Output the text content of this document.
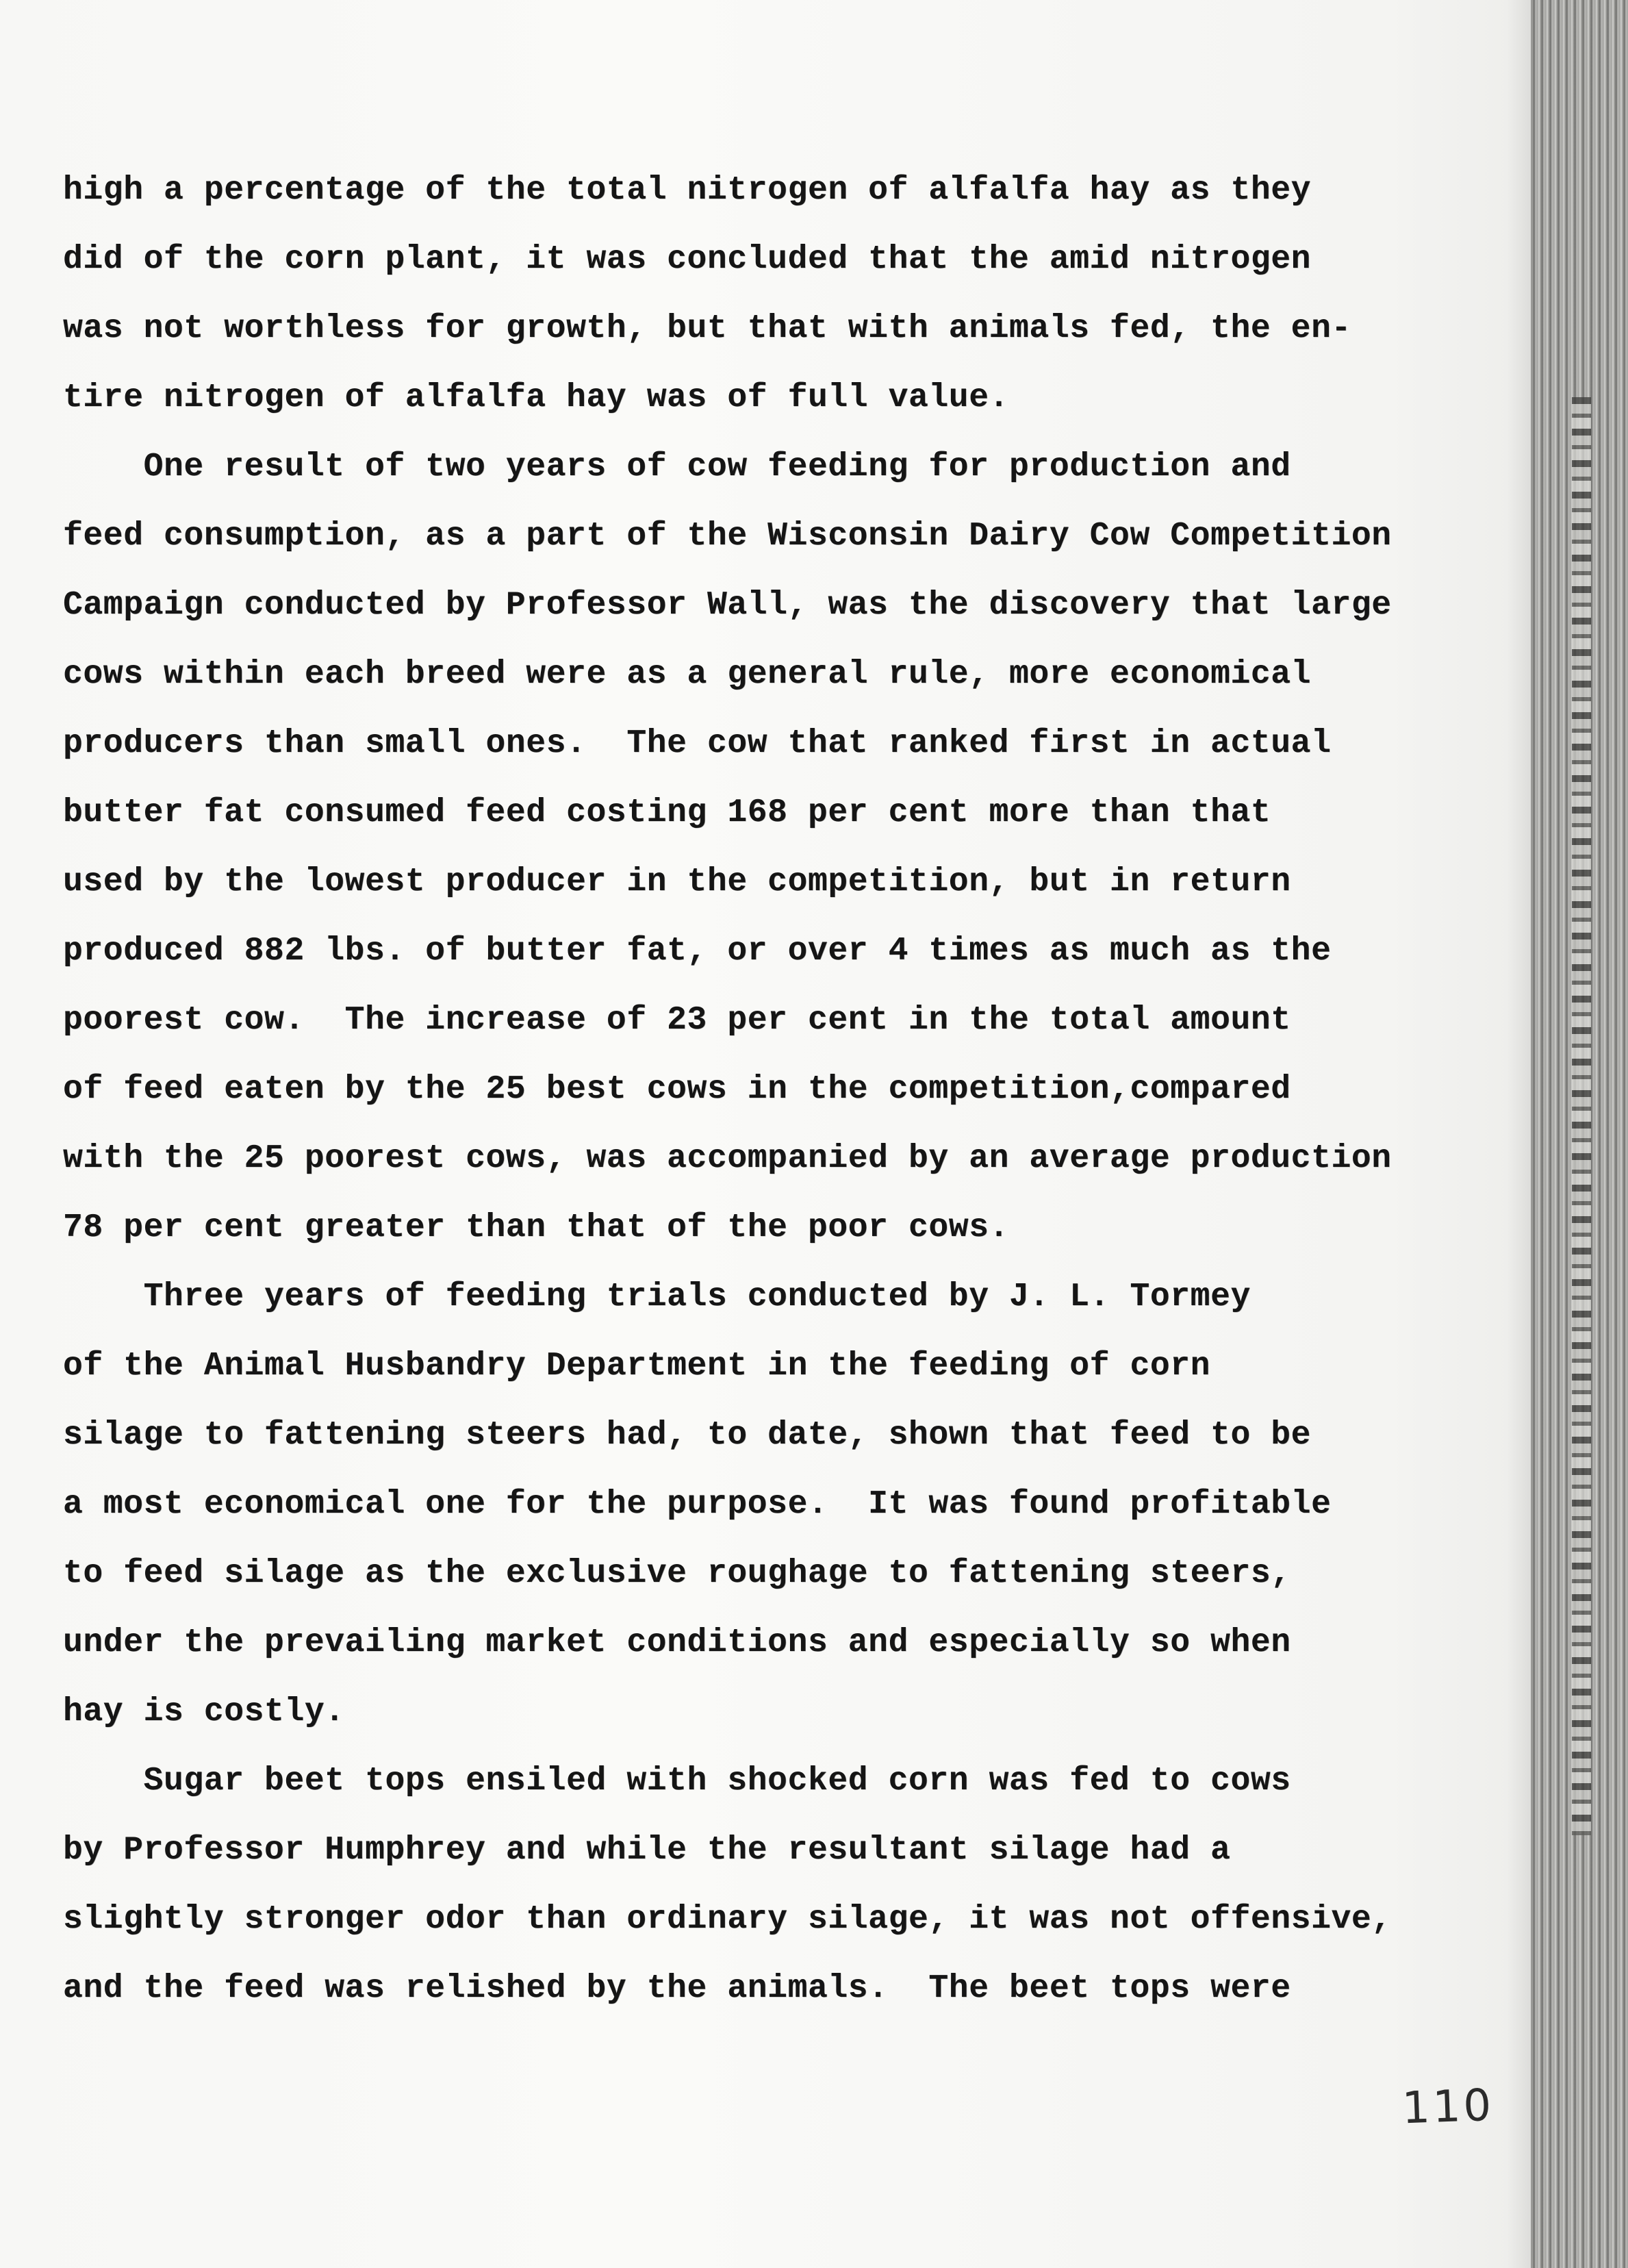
high a percentage of the total nitrogen of alfalfa hay as they
did of the corn plant, it was concluded that the amid nitrogen
was not worthless for growth, but that with animals fed, the en-
tire nitrogen of alfalfa hay was of full value.
One result of two years of cow feeding for production and
feed consumption, as a part of the Wisconsin Dairy Cow Competition
Campaign conducted by Professor Wall, was the discovery that large
cows within each breed were as a general rule, more economical
producers than small ones.  The cow that ranked first in actual
butter fat consumed feed costing 168 per cent more than that
used by the lowest producer in the competition, but in return
produced 882 lbs. of butter fat, or over 4 times as much as the
poorest cow.  The increase of 23 per cent in the total amount
of feed eaten by the 25 best cows in the competition,compared
with the 25 poorest cows, was accompanied by an average production
78 per cent greater than that of the poor cows.
Three years of feeding trials conducted by J. L. Tormey
of the Animal Husbandry Department in the feeding of corn
silage to fattening steers had, to date, shown that feed to be
a most economical one for the purpose.  It was found profitable
to feed silage as the exclusive roughage to fattening steers,
under the prevailing market conditions and especially so when
hay is costly.
Sugar beet tops ensiled with shocked corn was fed to cows
by Professor Humphrey and while the resultant silage had a
slightly stronger odor than ordinary silage, it was not offensive,
and the feed was relished by the animals.  The beet tops were
110
